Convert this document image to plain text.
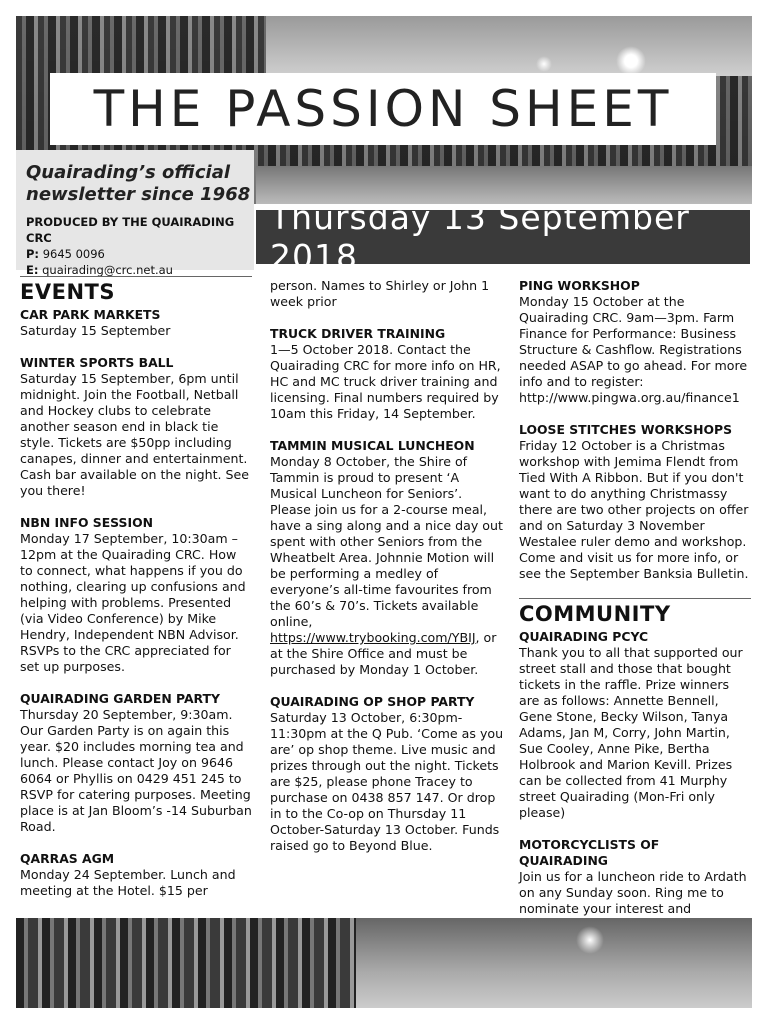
THE PASSION SHEET
Quairading’s official
newsletter since 1968
PRODUCED BY THE QUAIRADING CRC
P: 9645 0096
E: quairading@crc.net.au
Thursday 13 September 2018
EVENTS
CAR PARK MARKETS

Saturday 15 September

WINTER SPORTS BALL

Saturday 15 September, 6pm until midnight. Join the Football, Netball and Hockey clubs to celebrate another season end in black tie style. Tickets are $50pp including canapes, dinner and entertainment. Cash bar available on the night. See you there!

NBN INFO SESSION

Monday 17 September, 10:30am – 12pm at the Quairading CRC. How to connect, what happens if you do nothing, clearing up confusions and helping with problems. Presented (via Video Conference) by Mike Hendry, Independent NBN Advisor. RSVPs to the CRC appreciated for set up purposes.

QUAIRADING GARDEN PARTY

Thursday 20 September, 9:30am. Our Garden Party is on again this year. $20 includes morning tea and lunch. Please contact Joy on 9646 6064 or Phyllis on 0429 451 245 to RSVP for catering purposes. Meeting place is at Jan Bloom’s -14 Suburban Road.

QARRAS AGM

Monday 24 September. Lunch and meeting at the Hotel. $15 per

person. Names to Shirley or John 1 week prior

TRUCK DRIVER TRAINING

1—5 October 2018. Contact the Quairading CRC for more info on HR, HC and MC truck driver training and licensing. Final numbers required by 10am this Friday, 14 September.

TAMMIN MUSICAL LUNCHEON

Monday 8 October, the Shire of Tammin is proud to present ‘A Musical Luncheon for Seniors’. Please join us for a 2-course meal, have a sing along and a nice day out spent with other Seniors from the Wheatbelt Area. Johnnie Motion will be performing a medley of everyone’s all-time favourites from the 60’s & 70’s. Tickets available online, https://www.trybooking.com/YBIJ, or at the Shire Office and must be purchased by Monday 1 October.

QUAIRADING OP SHOP PARTY

Saturday 13 October, 6:30pm-11:30pm at the Q Pub. ‘Come as you are’ op shop theme. Live music and prizes through out the night. Tickets are $25, please phone Tracey to purchase on 0438 857 147. Or drop in to the Co-op on Thursday 11 October-Saturday 13 October. Funds raised go to Beyond Blue.

PING WORKSHOP

Monday 15 October at the Quairading CRC. 9am—3pm. Farm Finance for Performance: Business Structure & Cashflow. Registrations needed ASAP to go ahead. For more info and to register: http://www.pingwa.org.au/finance1

LOOSE STITCHES WORKSHOPS

Friday 12 October is a Christmas workshop with Jemima Flendt from Tied With A Ribbon. But if you don't want to do anything Christmassy there are two other projects on offer and on Saturday 3 November Westalee ruler demo and workshop. Come and visit us for more info, or see the September Banksia Bulletin.

COMMUNITY
QUAIRADING PCYC

Thank you to all that supported our street stall and those that bought tickets in the raffle. Prize winners are as follows: Annette Bennell, Gene Stone, Becky Wilson, Tanya Adams, Jan M, Corry, John Martin, Sue Cooley, Anne Pike, Bertha Holbrook and Marion Kevill. Prizes can be collected from 41 Murphy street Quairading (Mon-Fri only please)

MOTORCYCLISTS OF QUAIRADING

Join us for a luncheon ride to Ardath on any Sunday soon. Ring me to nominate your interest and
